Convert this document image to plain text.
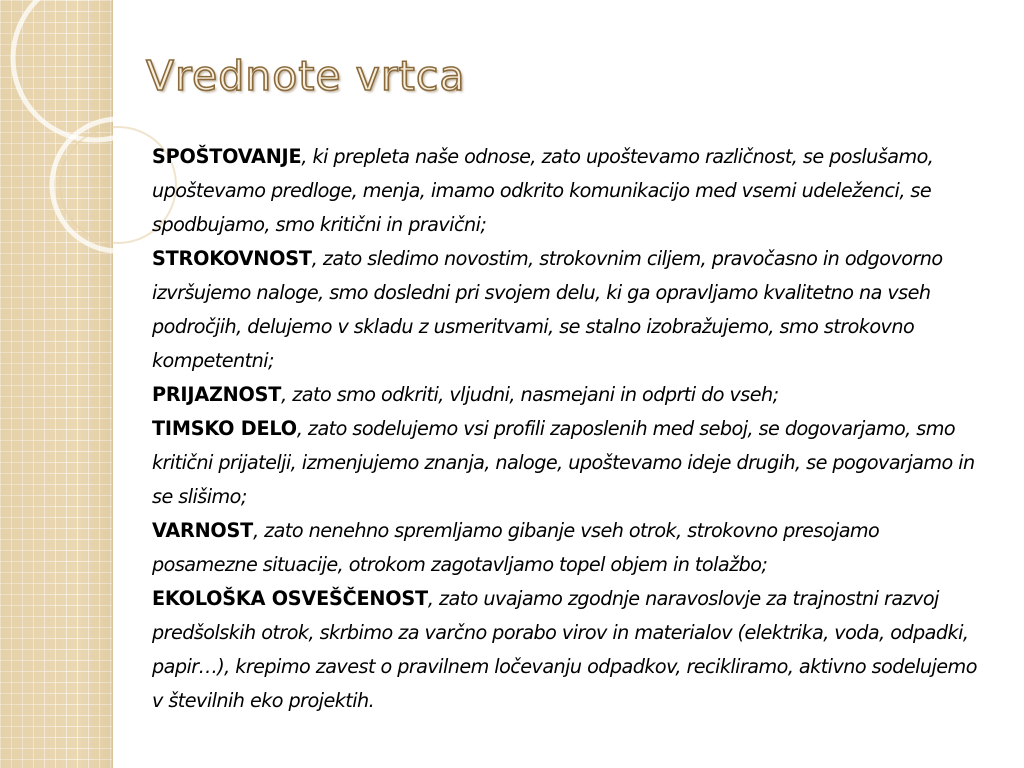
Vrednote vrtca

SPOŠTOVANJE, ki prepleta naše odnose, zato upoštevamo različnost, se poslušamo, upoštevamo predloge, menja, imamo odkrito komunikacijo med vsemi udeleženci, se spodbujamo, smo kritični in pravični;

STROKOVNOST, zato sledimo novostim, strokovnim ciljem, pravočasno in odgovorno izvršujemo naloge, smo dosledni pri svojem delu, ki ga opravljamo kvalitetno na vseh področjih, delujemo v skladu z usmeritvami, se stalno izobražujemo, smo strokovno kompetentni;

PRIJAZNOST, zato smo odkriti, vljudni, nasmejani in odprti do vseh;

TIMSKO DELO, zato sodelujemo vsi profili zaposlenih med seboj, se dogovarjamo, smo kritični prijatelji, izmenjujemo znanja, naloge, upoštevamo ideje drugih, se pogovarjamo in se slišimo;

VARNOST, zato nenehno spremljamo gibanje vseh otrok, strokovno presojamo posamezne situacije, otrokom zagotavljamo topel objem in tolažbo;

EKOLOŠKA OSVEŠČENOST, zato uvajamo zgodnje naravoslovje za trajnostni razvoj predšolskih otrok, skrbimo za varčno porabo virov in materialov (elektrika, voda, odpadki, papir…), krepimo zavest o pravilnem ločevanju odpadkov, recikliramo, aktivno sodelujemo v številnih eko projektih.
